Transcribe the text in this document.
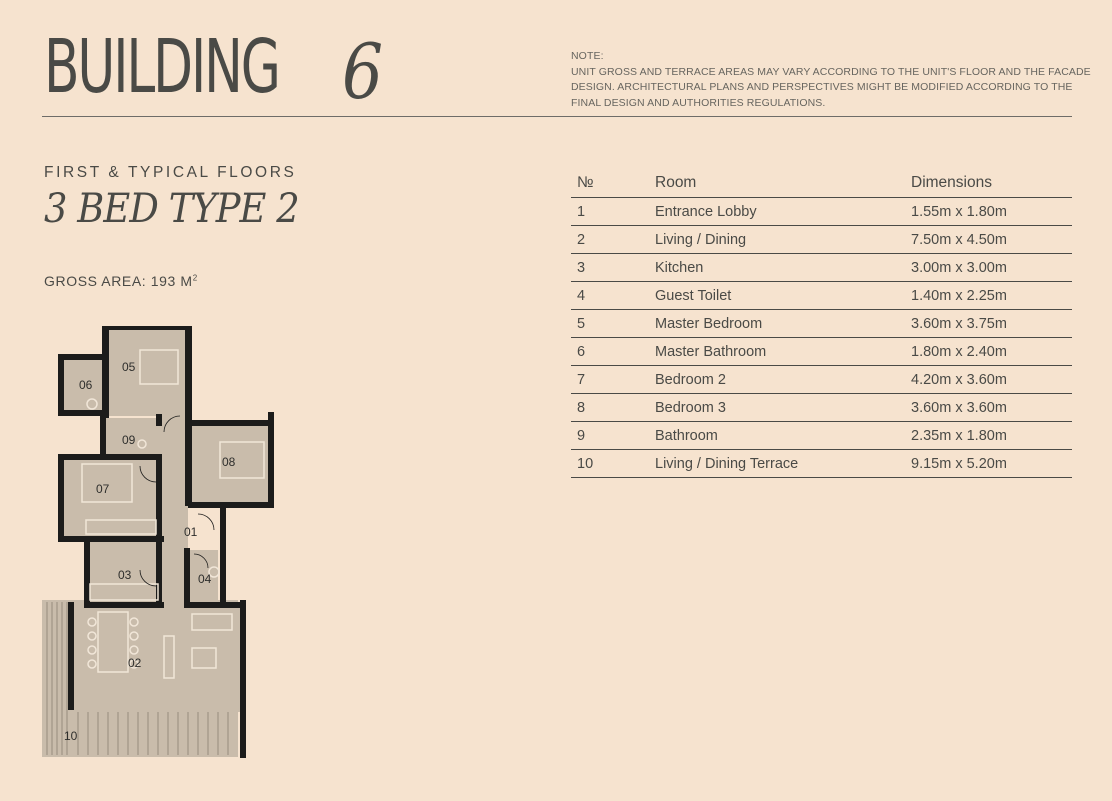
BUILDING 6	NOTE:
UNIT GROSS AND TERRACE AREAS MAY VARY ACCORDING TO THE UNIT'S FLOOR AND THE FACADE DESIGN. ARCHITECTURAL PLANS AND PERSPECTIVES MIGHT BE MODIFIED ACCORDING TO THE FINAL DESIGN AND AUTHORITIES REGULATIONS.
FIRST & TYPICAL FLOORS
3 BED TYPE 2
GROSS AREA: 193 $M^2$
№	Room	Dimensions
1	Entrance Lobby	1.55m x 1.80m
2	Living / Dining	7.50m x 4.50m
3	Kitchen	3.00m x 3.00m
4	Guest Toilet	1.40m x 2.25m
5	Master Bedroom	3.60m x 3.75m
6	Master Bathroom	1.80m x 2.40m
7	Bedroom 2	4.20m x 3.60m
8	Bedroom 3	3.60m x 3.60m
9	Bathroom	2.35m x 1.80m
10	Living / Dining Terrace	9.15m x 5.20m
01
02
03	04
05
06
07
08
09
10
